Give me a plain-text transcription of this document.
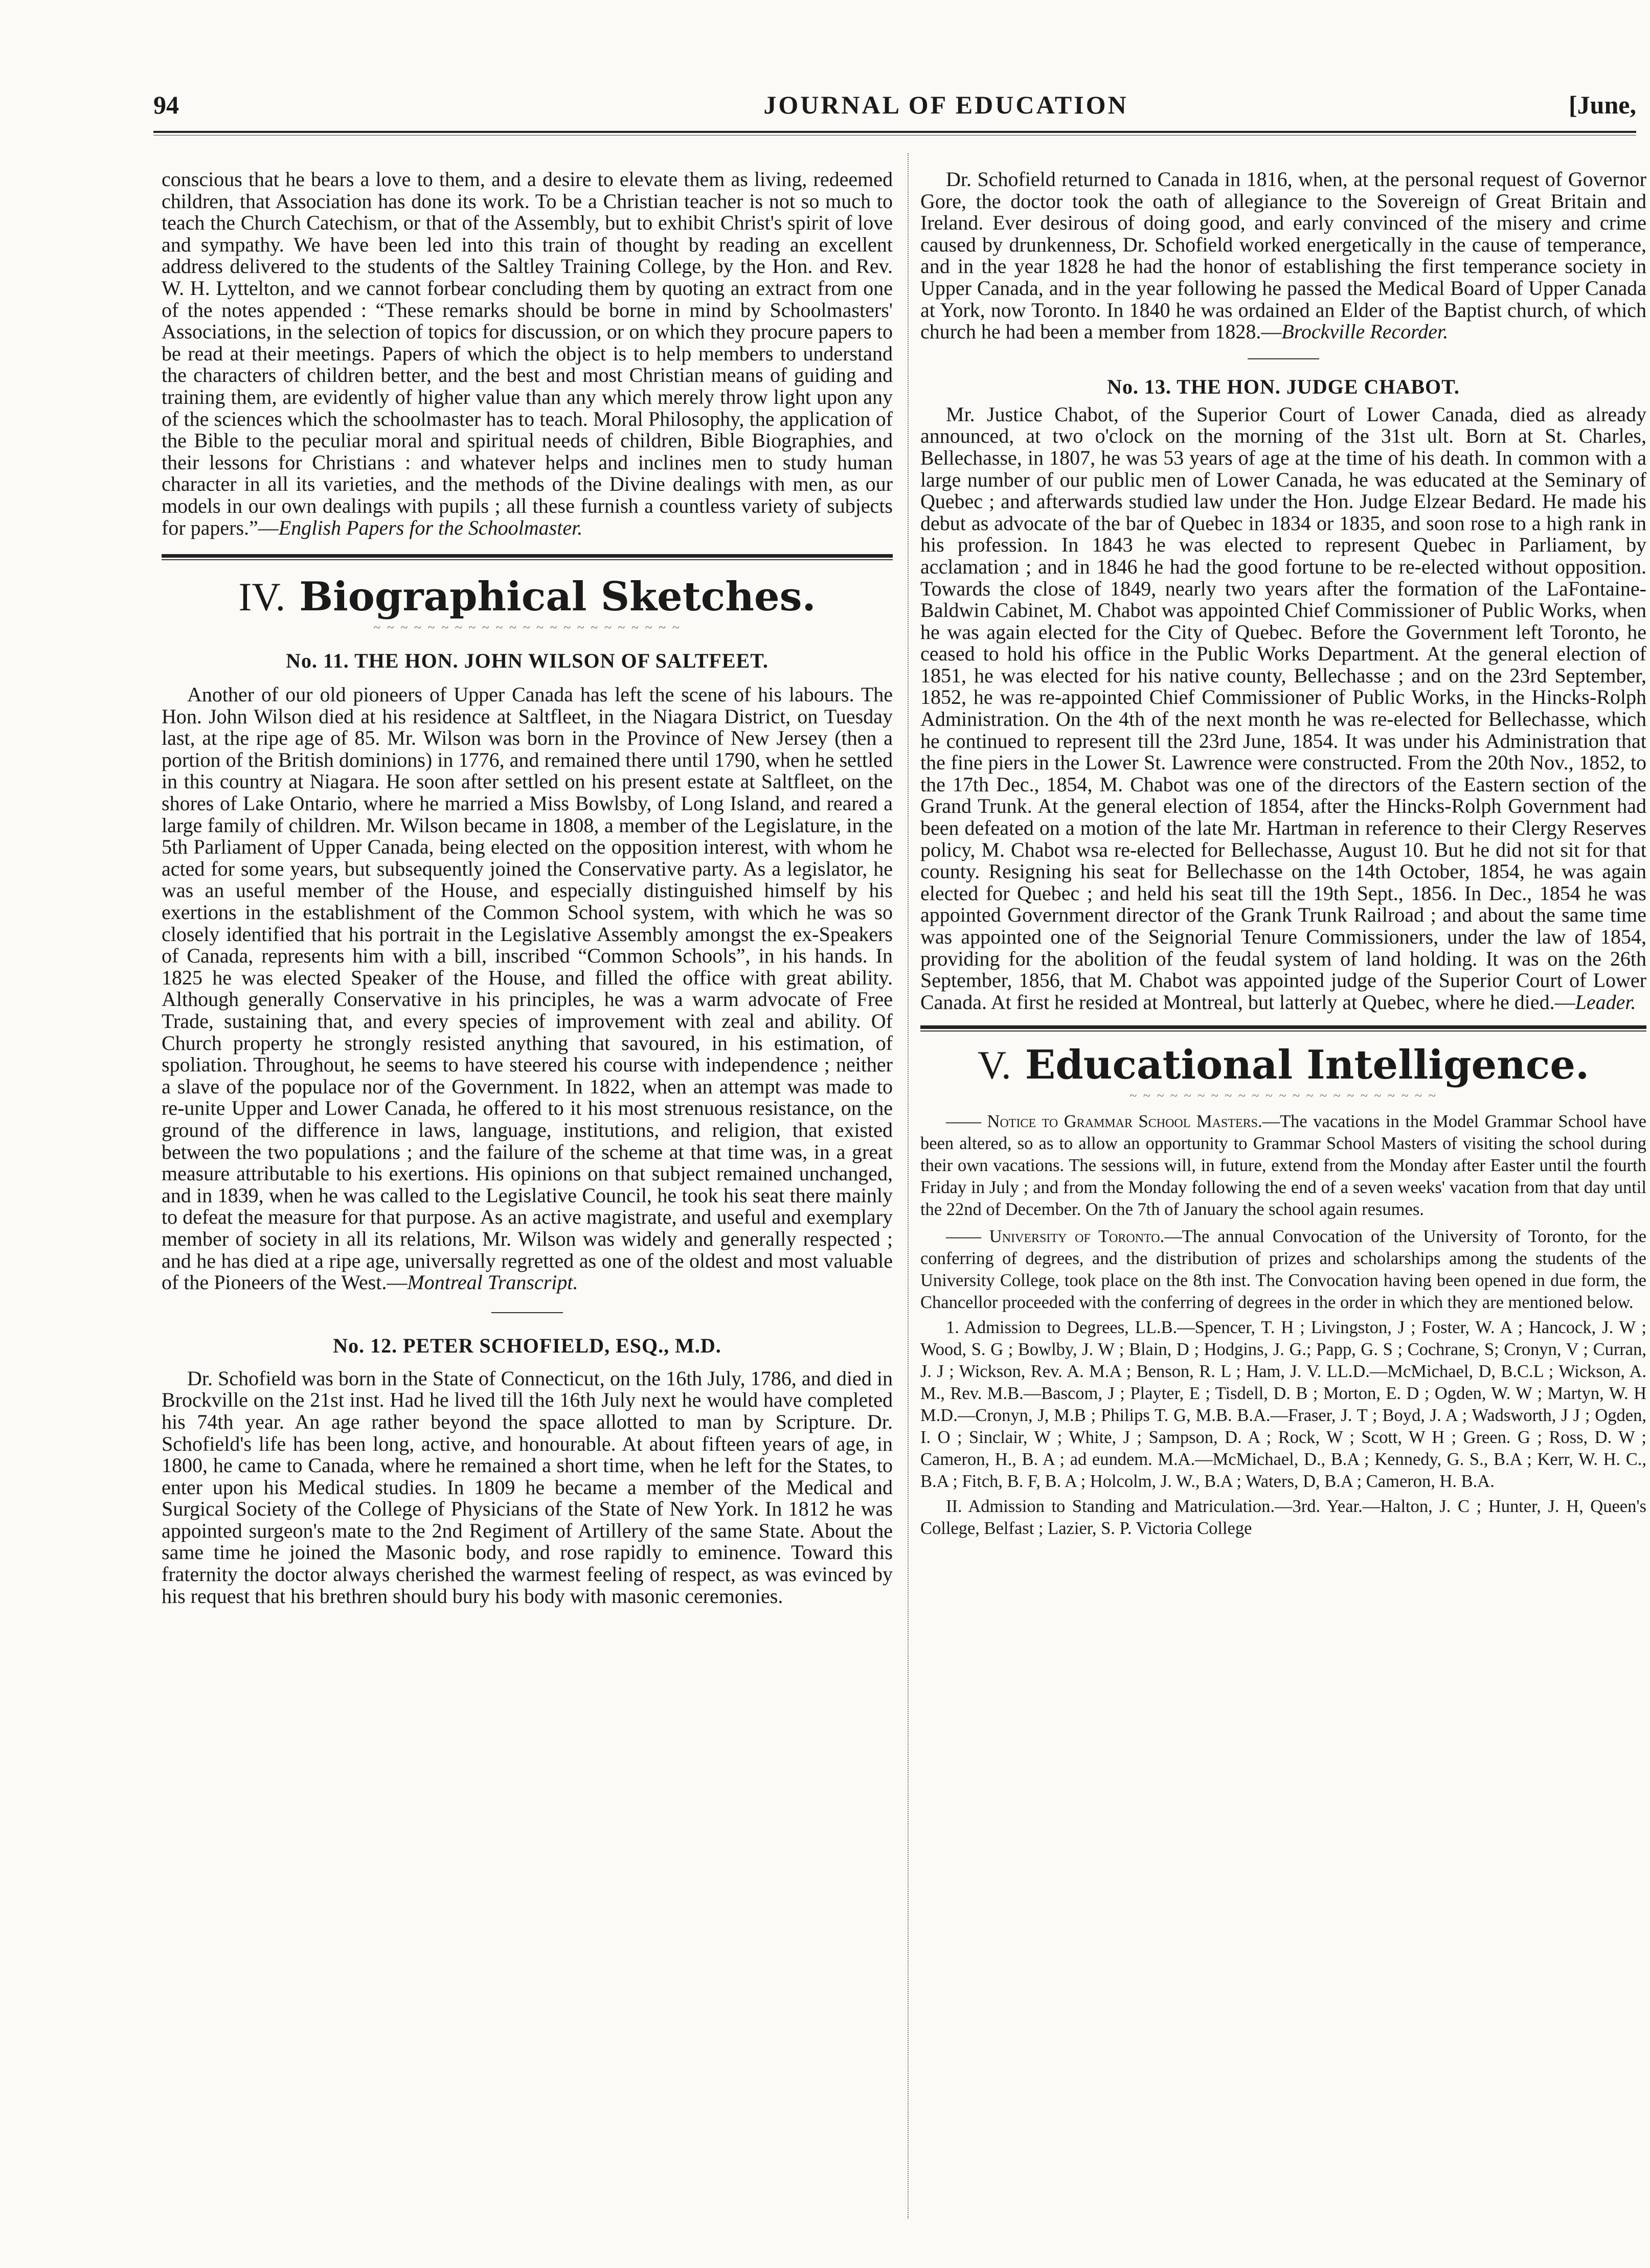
94	JOURNAL OF EDUCATION	[June,

conscious that he bears a love to them, and a desire to elevate them as living, redeemed children, that Association has done its work. To be a Christian teacher is not so much to teach the Church Catechism, or that of the Assembly, but to exhibit Christ's spirit of love and sympathy. We have been led into this train of thought by reading an excellent address delivered to the students of the Saltley Training College, by the Hon. and Rev. W. H. Lyttelton, and we cannot forbear concluding them by quoting an extract from one of the notes appended : “These remarks should be borne in mind by Schoolmasters' Associations, in the selection of topics for discussion, or on which they procure papers to be read at their meetings. Papers of which the object is to help members to understand the characters of children better, and the best and most Christian means of guiding and training them, are evidently of higher value than any which merely throw light upon any of the sciences which the schoolmaster has to teach. Moral Philosophy, the application of the Bible to the peculiar moral and spiritual needs of children, Bible Biographies, and their lessons for Christians : and whatever helps and inclines men to study human character in all its varieties, and the methods of the Divine dealings with men, as our models in our own dealings with pupils ; all these furnish a countless variety of subjects for papers.”—English Papers for the Schoolmaster.

IV. Biographical Sketches.
~ ~ ~ ~ ~ ~ ~ ~ ~ ~ ~ ~ ~ ~ ~ ~ ~ ~ ~ ~ ~ ~ ~
No. 11. THE HON. JOHN WILSON OF SALTFEET.

Another of our old pioneers of Upper Canada has left the scene of his labours. The Hon. John Wilson died at his residence at Saltfleet, in the Niagara District, on Tuesday last, at the ripe age of 85. Mr. Wilson was born in the Province of New Jersey (then a portion of the British dominions) in 1776, and remained there until 1790, when he settled in this country at Niagara. He soon after settled on his present estate at Saltfleet, on the shores of Lake Ontario, where he married a Miss Bowlsby, of Long Island, and reared a large family of children. Mr. Wilson became in 1808, a member of the Legislature, in the 5th Parliament of Upper Canada, being elected on the opposition interest, with whom he acted for some years, but subsequently joined the Conservative party. As a legislator, he was an useful member of the House, and especially distinguished himself by his exertions in the establishment of the Common School system, with which he was so closely identified that his portrait in the Legislative Assembly amongst the ex-Speakers of Canada, represents him with a bill, inscribed “Common Schools”, in his hands. In 1825 he was elected Speaker of the House, and filled the office with great ability. Although generally Conservative in his principles, he was a warm advocate of Free Trade, sustaining that, and every species of improvement with zeal and ability. Of Church property he strongly resisted anything that savoured, in his estimation, of spoliation. Throughout, he seems to have steered his course with independence ; neither a slave of the populace nor of the Government. In 1822, when an attempt was made to re-unite Upper and Lower Canada, he offered to it his most strenuous resistance, on the ground of the difference in laws, language, institutions, and religion, that existed between the two populations ; and the failure of the scheme at that time was, in a great measure attributable to his exertions. His opinions on that subject remained unchanged, and in 1839, when he was called to the Legislative Council, he took his seat there mainly to defeat the measure for that purpose. As an active magistrate, and useful and exemplary member of society in all its relations, Mr. Wilson was widely and generally respected ; and he has died at a ripe age, universally regretted as one of the oldest and most valuable of the Pioneers of the West.—Montreal Transcript.

No. 12. PETER SCHOFIELD, ESQ., M.D.

Dr. Schofield was born in the State of Connecticut, on the 16th July, 1786, and died in Brockville on the 21st inst. Had he lived till the 16th July next he would have completed his 74th year. An age rather beyond the space allotted to man by Scripture. Dr. Schofield's life has been long, active, and honourable. At about fifteen years of age, in 1800, he came to Canada, where he remained a short time, when he left for the States, to enter upon his Medical studies. In 1809 he became a member of the Medical and Surgical Society of the College of Physicians of the State of New York. In 1812 he was appointed surgeon's mate to the 2nd Regiment of Artillery of the same State. About the same time he joined the Masonic body, and rose rapidly to eminence. Toward this fraternity the doctor always cherished the warmest feeling of respect, as was evinced by his request that his brethren should bury his body with masonic ceremonies.

Dr. Schofield returned to Canada in 1816, when, at the personal request of Governor Gore, the doctor took the oath of allegiance to the Sovereign of Great Britain and Ireland. Ever desirous of doing good, and early convinced of the misery and crime caused by drunkenness, Dr. Schofield worked energetically in the cause of temperance, and in the year 1828 he had the honor of establishing the first temperance society in Upper Canada, and in the year following he passed the Medical Board of Upper Canada at York, now Toronto. In 1840 he was ordained an Elder of the Baptist church, of which church he had been a member from 1828.—Brockville Recorder.

No. 13. THE HON. JUDGE CHABOT.

Mr. Justice Chabot, of the Superior Court of Lower Canada, died as already announced, at two o'clock on the morning of the 31st ult. Born at St. Charles, Bellechasse, in 1807, he was 53 years of age at the time of his death. In common with a large number of our public men of Lower Canada, he was educated at the Seminary of Quebec ; and afterwards studied law under the Hon. Judge Elzear Bedard. He made his debut as advocate of the bar of Quebec in 1834 or 1835, and soon rose to a high rank in his profession. In 1843 he was elected to represent Quebec in Parliament, by acclamation ; and in 1846 he had the good fortune to be re-elected without opposition. Towards the close of 1849, nearly two years after the formation of the LaFontaine-Baldwin Cabinet, M. Chabot was appointed Chief Commissioner of Public Works, when he was again elected for the City of Quebec. Before the Government left Toronto, he ceased to hold his office in the Public Works Department. At the general election of 1851, he was elected for his native county, Bellechasse ; and on the 23rd September, 1852, he was re-appointed Chief Commissioner of Public Works, in the Hincks-Rolph Administration. On the 4th of the next month he was re-elected for Bellechasse, which he continued to represent till the 23rd June, 1854. It was under his Administration that the fine piers in the Lower St. Lawrence were constructed. From the 20th Nov., 1852, to the 17th Dec., 1854, M. Chabot was one of the directors of the Eastern section of the Grand Trunk. At the general election of 1854, after the Hincks-Rolph Government had been defeated on a motion of the late Mr. Hartman in reference to their Clergy Reserves policy, M. Chabot wsa re-elected for Bellechasse, August 10. But he did not sit for that county. Resigning his seat for Bellechasse on the 14th October, 1854, he was again elected for Quebec ; and held his seat till the 19th Sept., 1856. In Dec., 1854 he was appointed Government director of the Grank Trunk Railroad ; and about the same time was appointed one of the Seignorial Tenure Commissioners, under the law of 1854, providing for the abolition of the feudal system of land holding. It was on the 26th September, 1856, that M. Chabot was appointed judge of the Superior Court of Lower Canada. At first he resided at Montreal, but latterly at Quebec, where he died.—Leader.

V. Educational Intelligence.
~ ~ ~ ~ ~ ~ ~ ~ ~ ~ ~ ~ ~ ~ ~ ~ ~ ~ ~ ~ ~ ~ ~

—— Notice to Grammar School Masters.—The vacations in the Model Grammar School have been altered, so as to allow an opportunity to Grammar School Masters of visiting the school during their own vacations. The sessions will, in future, extend from the Monday after Easter until the fourth Friday in July ; and from the Monday following the end of a seven weeks' vacation from that day until the 22nd of December. On the 7th of January the school again resumes.

—— University of Toronto.—The annual Convocation of the University of Toronto, for the conferring of degrees, and the distribution of prizes and scholarships among the students of the University College, took place on the 8th inst. The Convocation having been opened in due form, the Chancellor proceeded with the conferring of degrees in the order in which they are mentioned below.

1. Admission to Degrees, LL.B.—Spencer, T. H ; Livingston, J ; Foster, W. A ; Hancock, J. W ; Wood, S. G ; Bowlby, J. W ; Blain, D ; Hodgins, J. G.; Papp, G. S ; Cochrane, S; Cronyn, V ; Curran, J. J ; Wickson, Rev. A. M.A ; Benson, R. L ; Ham, J. V. LL.D.—McMichael, D, B.C.L ; Wickson, A. M., Rev. M.B.—Bascom, J ; Playter, E ; Tisdell, D. B ; Morton, E. D ; Ogden, W. W ; Martyn, W. H M.D.—Cronyn, J, M.B ; Philips T. G, M.B. B.A.—Fraser, J. T ; Boyd, J. A ; Wadsworth, J J ; Ogden, I. O ; Sinclair, W ; White, J ; Sampson, D. A ; Rock, W ; Scott, W H ; Green. G ; Ross, D. W ; Cameron, H., B. A ; ad eundem. M.A.—McMichael, D., B.A ; Kennedy, G. S., B.A ; Kerr, W. H. C., B.A ; Fitch, B. F, B. A ; Holcolm, J. W., B.A ; Waters, D, B.A ; Cameron, H. B.A.

II. Admission to Standing and Matriculation.—3rd. Year.—Halton, J. C ; Hunter, J. H, Queen's College, Belfast ; Lazier, S. P. Victoria College
